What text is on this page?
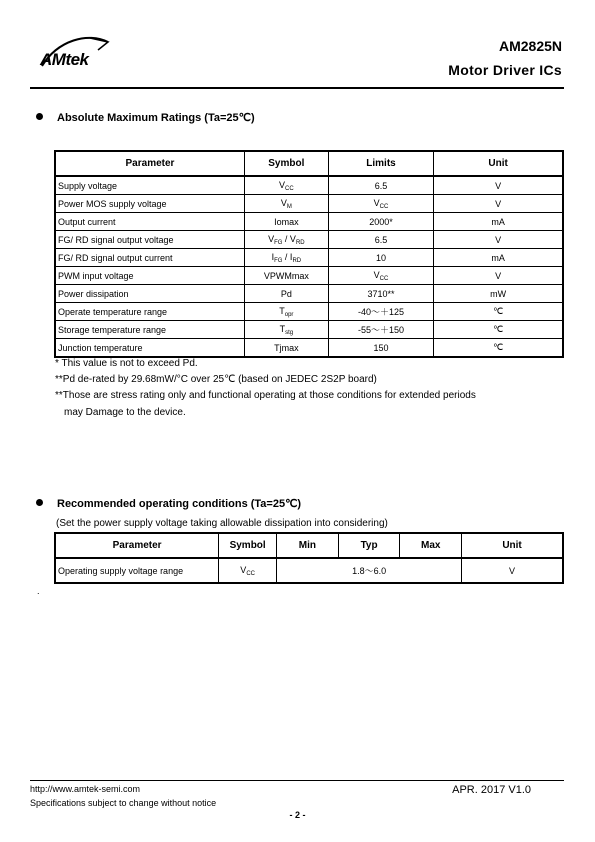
AMtek
AM2825N
Motor Driver ICs
Absolute Maximum Ratings (Ta=25℃)
Parameter	Symbol	Limits	Unit
Supply voltage	$V_{CC}$	6.5	V
Power MOS supply voltage	$V_M$	$V_{CC}$	V
Output current	Iomax	2000*	mA
FG/ RD signal output voltage	$V_{FG} / V_{RD}$	6.5	V
FG/ RD signal output current	$I_{FG} / I_{RD}$	10	mA
PWM input voltage	VPWMmax	$V_{CC}$	V
Power dissipation	Pd	3710**	mW
Operate temperature range	$T_{opr}$	-40～＋125	℃
Storage temperature range	$T_{stg}$	-55～＋150	℃
Junction temperature	Tjmax	150	℃
* This value is not to exceed Pd.
**Pd de-rated by 29.68mW/°C over 25℃ (based on JEDEC 2S2P board)
**Those are stress rating only and functional operating at those conditions for extended periods
may Damage to the device.
Recommended operating conditions (Ta=25℃)
(Set the power supply voltage taking allowable dissipation into considering)
Parameter	Symbol	Min	Typ	Max	Unit
Operating supply voltage range	$V_{CC}$	1.8～6.0			V
.
http://www.amtek-semi.com
Specifications subject to change without notice
APR. 2017 V1.0
- 2 -
